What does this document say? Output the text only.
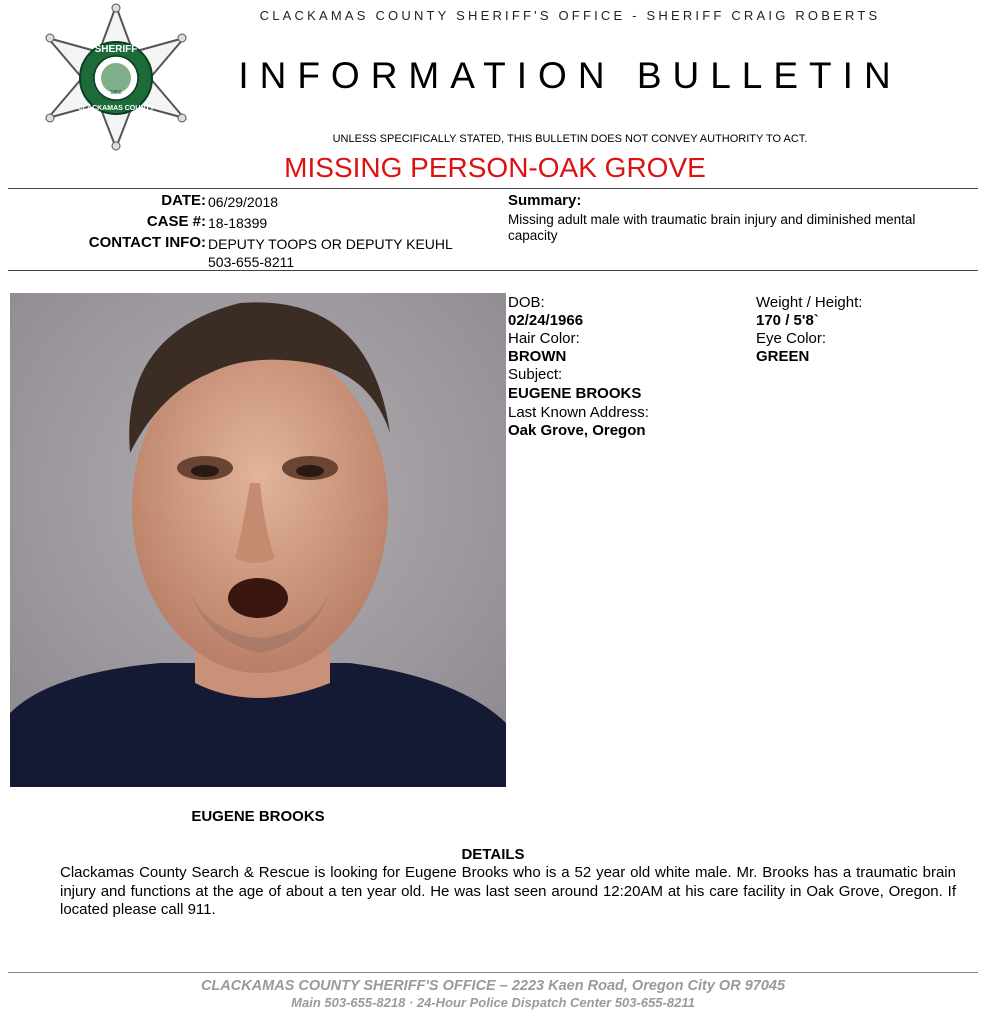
SHERIFF
CLACKAMAS COUNTY
1850
CLACKAMAS COUNTY SHERIFF'S OFFICE - SHERIFF CRAIG ROBERTS
INFORMATION BULLETIN
UNLESS SPECIFICALLY STATED, THIS BULLETIN DOES NOT CONVEY AUTHORITY TO ACT.
MISSING PERSON-OAK GROVE
DATE: 06/29/2018
CASE #: 18-18399
CONTACT INFO: DEPUTY TOOPS OR DEPUTY KEUHL
503-655-8211
Summary:
Missing adult male with traumatic brain injury and diminished mental capacity
EUGENE BROOKS
DOB:
02/24/1966
Hair Color:
BROWN
Subject:
EUGENE BROOKS
Last Known Address:
Oak Grove, Oregon
Weight / Height:
170 / 5'8`
Eye Color:
GREEN
DETAILS
Clackamas County Search & Rescue is looking for Eugene Brooks who is a 52 year old white male. Mr. Brooks has a traumatic brain injury and functions at the age of about a ten year old. He was last seen around 12:20AM at his care facility in Oak Grove, Oregon. If located please call 911.
CLACKAMAS COUNTY SHERIFF'S OFFICE – 2223 Kaen Road, Oregon City OR 97045
Main 503-655-8218 · 24-Hour Police Dispatch Center 503-655-8211
